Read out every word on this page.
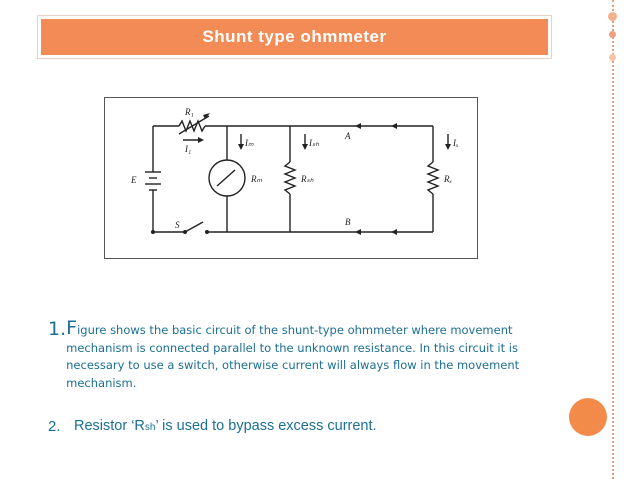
Shunt type ohmmeter
R₁
I₁
E
S
Iₘ
Rₘ
Iₛₕ
Rₛₕ
A
B
Iₓ
Rₓ
1. Figure shows the basic circuit of the shunt-type ohmmeter where movement mechanism is connected parallel to the unknown resistance. In this circuit it is necessary to use a switch, otherwise current will always flow in the movement mechanism.
2. Resistor ‘Rsh’ is used to bypass excess current.
